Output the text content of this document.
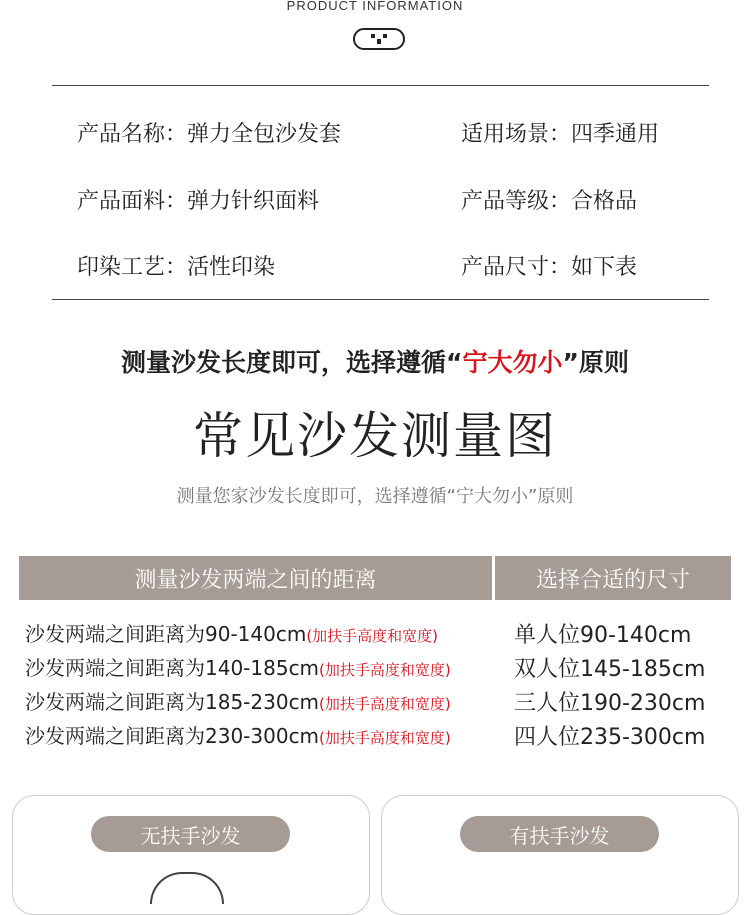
PRODUCT INFORMATION
产品名称：弹力全包沙发套	适用场景：四季通用
产品面料：弹力针织面料	产品等级：合格品
印染工艺：活性印染	产品尺寸：如下表
测量沙发长度即可，选择遵循“宁大勿小”原则
常见沙发测量图
测量您家沙发长度即可，选择遵循“宁大勿小”原则
测量沙发两端之间的距离	选择合适的尺寸
沙发两端之间距离为90-140cm(加扶手高度和宽度)	单人位90-140cm
沙发两端之间距离为140-185cm(加扶手高度和宽度)	双人位145-185cm
沙发两端之间距离为185-230cm(加扶手高度和宽度)	三人位190-230cm
沙发两端之间距离为230-300cm(加扶手高度和宽度)	四人位235-300cm
无扶手沙发	有扶手沙发
